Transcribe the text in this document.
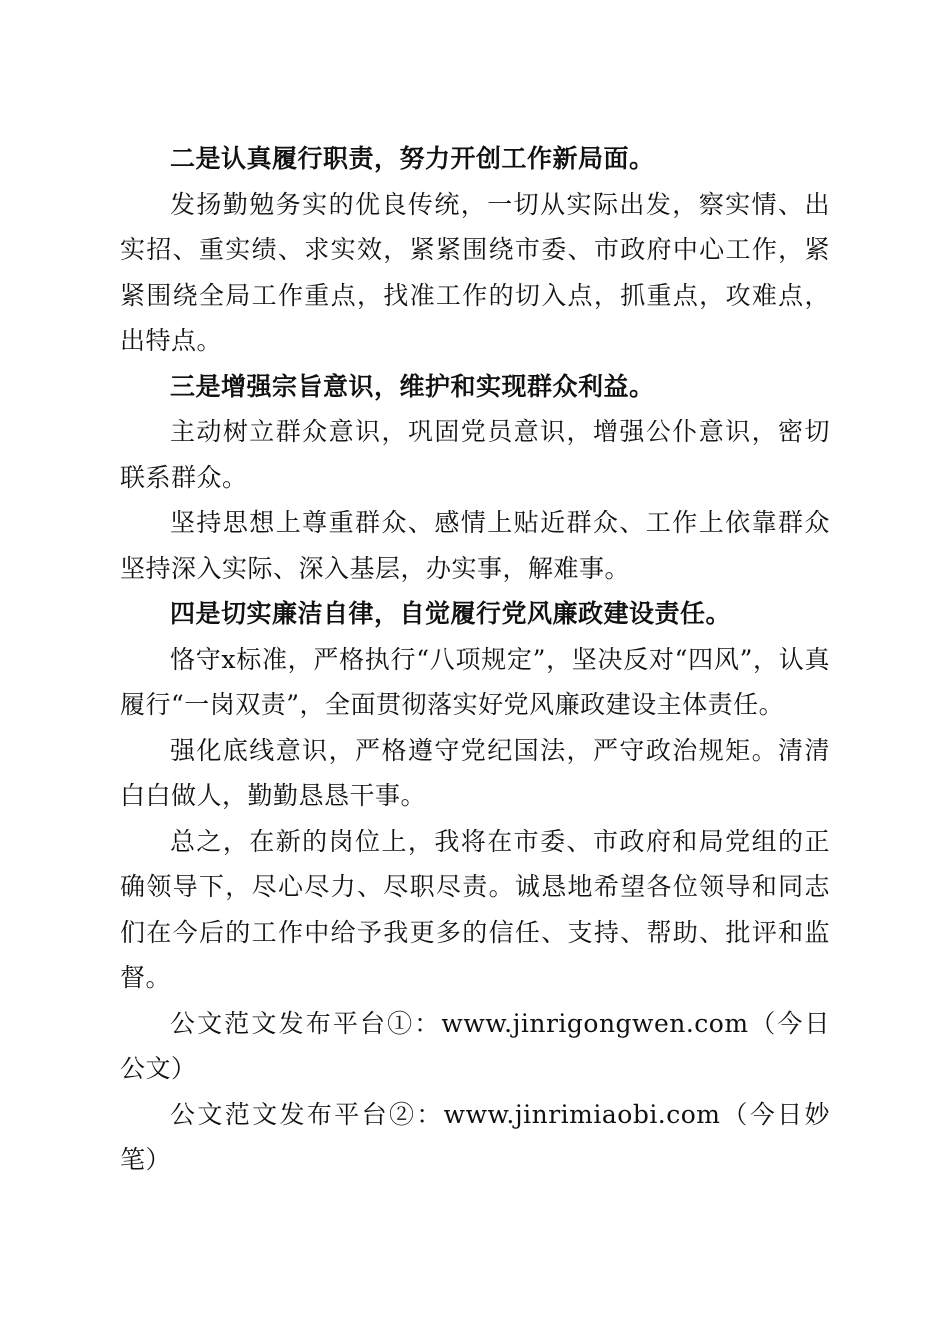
二是认真履行职责，努力开创工作新局面。

发扬勤勉务实的优良传统，一切从实际出发，察实情、出实招、重实绩、求实效，紧紧围绕市委、市政府中心工作，紧紧围绕全局工作重点，找准工作的切入点，抓重点，攻难点，出特点。

三是增强宗旨意识，维护和实现群众利益。

主动树立群众意识，巩固党员意识，增强公仆意识，密切联系群众。

坚持思想上尊重群众、感情上贴近群众、工作上依靠群众坚持深入实际、深入基层，办实事，解难事。

四是切实廉洁自律，自觉履行党风廉政建设责任。

恪守x标准，严格执行“八项规定”，坚决反对“四风”，认真履行“一岗双责”，全面贯彻落实好党风廉政建设主体责任。

强化底线意识，严格遵守党纪国法，严守政治规矩。清清白白做人，勤勤恳恳干事。

总之，在新的岗位上，我将在市委、市政府和局党组的正确领导下，尽心尽力、尽职尽责。诚恳地希望各位领导和同志们在今后的工作中给予我更多的信任、支持、帮助、批评和监督。

公文范文发布平台①：www.jinrigongwen.com（今日公文）

公文范文发布平台②：www.jinrimiaobi.com（今日妙笔）
